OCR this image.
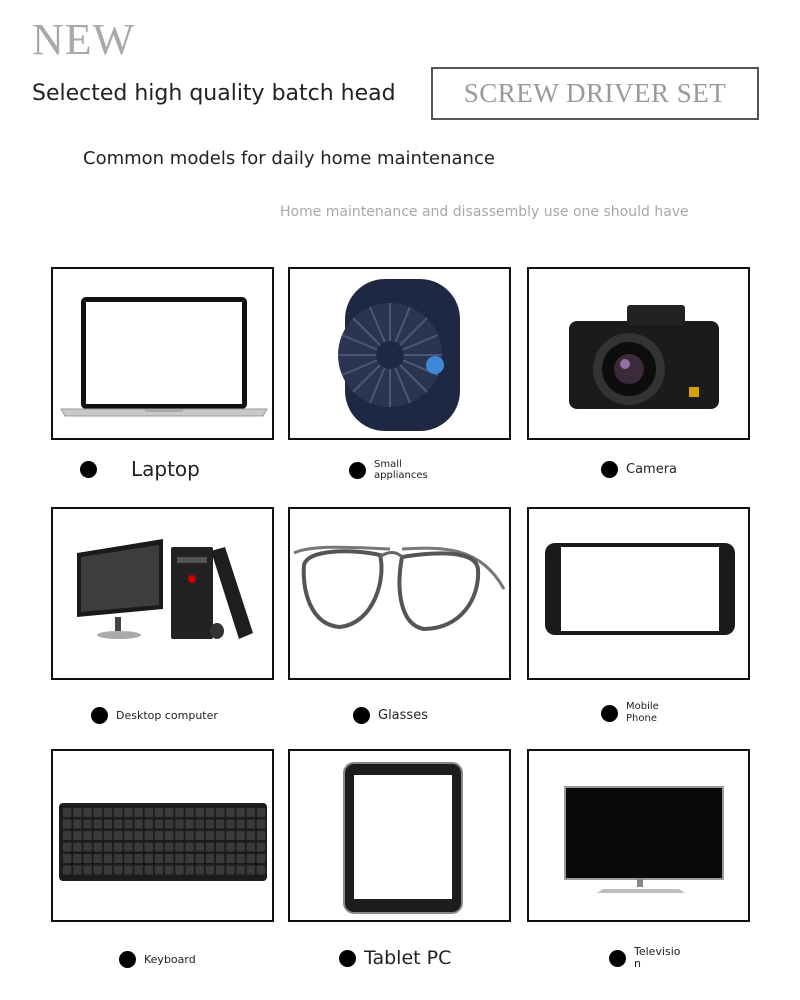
NEW
Selected high quality batch head	SCREW DRIVER SET
Common models for daily home maintenance
Home maintenance and disassembly use one should have
Laptop	Small appliances	Camera
Desktop computer	Glasses
Mobile Phone
Keyboard	Tablet PC	Television
